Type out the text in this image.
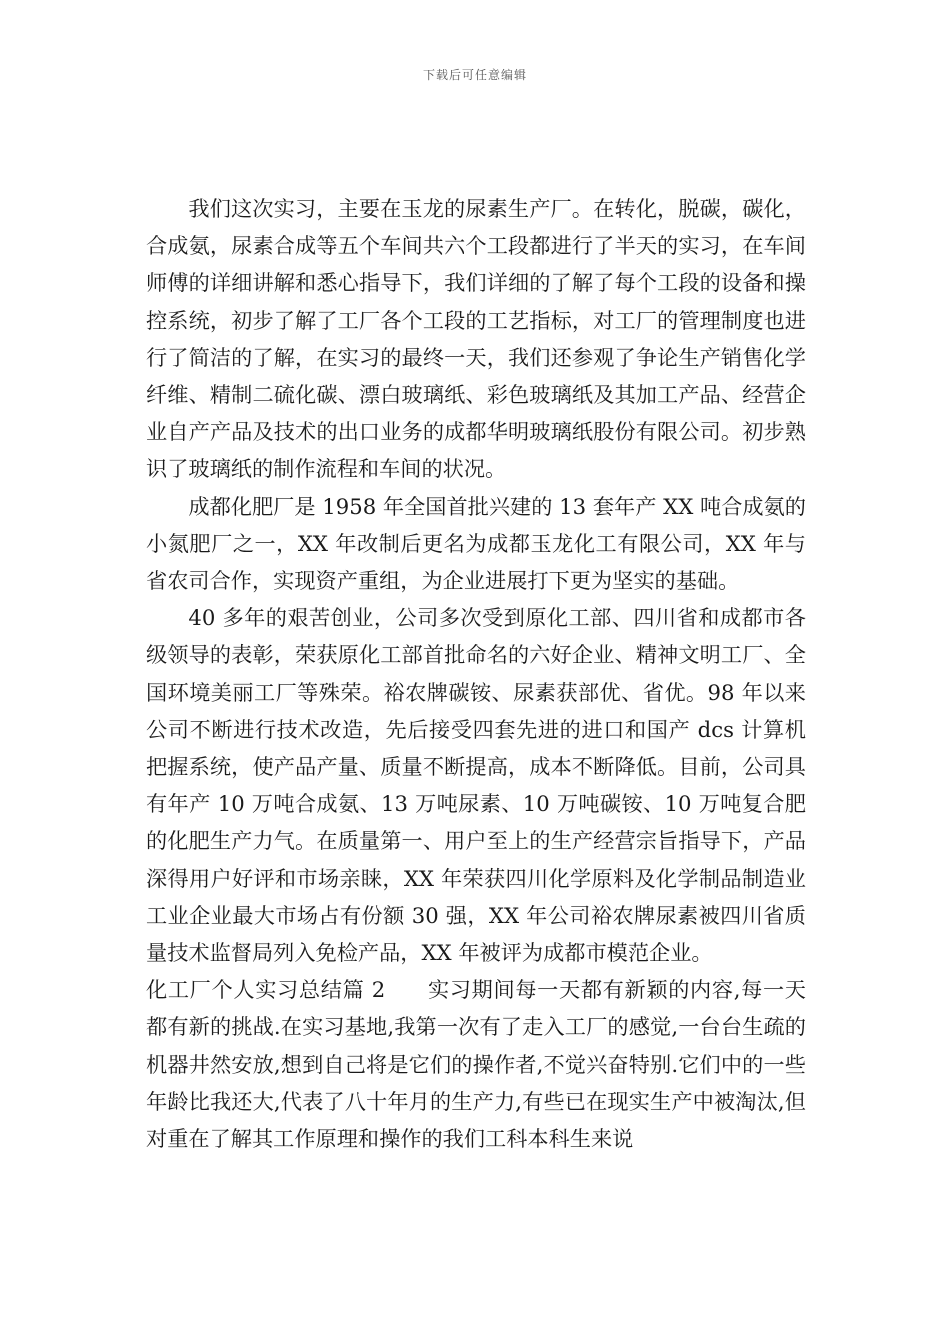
下载后可任意编辑

我们这次实习，主要在玉龙的尿素生产厂。在转化，脱碳，碳化，合成氨，尿素合成等五个车间共六个工段都进行了半天的实习，在车间师傅的详细讲解和悉心指导下，我们详细的了解了每个工段的设备和操控系统，初步了解了工厂各个工段的工艺指标，对工厂的管理制度也进行了简洁的了解，在实习的最终一天，我们还参观了争论生产销售化学纤维、精制二硫化碳、漂白玻璃纸、彩色玻璃纸及其加工产品、经营企业自产产品及技术的出口业务的成都华明玻璃纸股份有限公司。初步熟识了玻璃纸的制作流程和车间的状况。

成都化肥厂是 1958 年全国首批兴建的 13 套年产 XX 吨合成氨的小氮肥厂之一，XX 年改制后更名为成都玉龙化工有限公司，XX 年与省农司合作，实现资产重组，为企业进展打下更为坚实的基础。

40 多年的艰苦创业，公司多次受到原化工部、四川省和成都市各级领导的表彰，荣获原化工部首批命名的六好企业、精神文明工厂、全国环境美丽工厂等殊荣。裕农牌碳铵、尿素获部优、省优。98 年以来公司不断进行技术改造，先后接受四套先进的进口和国产 dcs 计算机把握系统，使产品产量、质量不断提高，成本不断降低。目前，公司具有年产 10 万吨合成氨、13 万吨尿素、10 万吨碳铵、10 万吨复合肥的化肥生产力气。在质量第一、用户至上的生产经营宗旨指导下，产品深得用户好评和市场亲睐，XX 年荣获四川化学原料及化学制品制造业工业企业最大市场占有份额 30 强，XX 年公司裕农牌尿素被四川省质量技术监督局列入免检产品，XX 年被评为成都市模范企业。

化工厂个人实习总结篇 2 实习期间每一天都有新颖的内容,每一天都有新的挑战.在实习基地,我第一次有了走入工厂的感觉,一台台生疏的机器井然安放,想到自己将是它们的操作者,不觉兴奋特别.它们中的一些年龄比我还大,代表了八十年月的生产力,有些已在现实生产中被淘汰,但对重在了解其工作原理和操作的我们工科本科生来说
